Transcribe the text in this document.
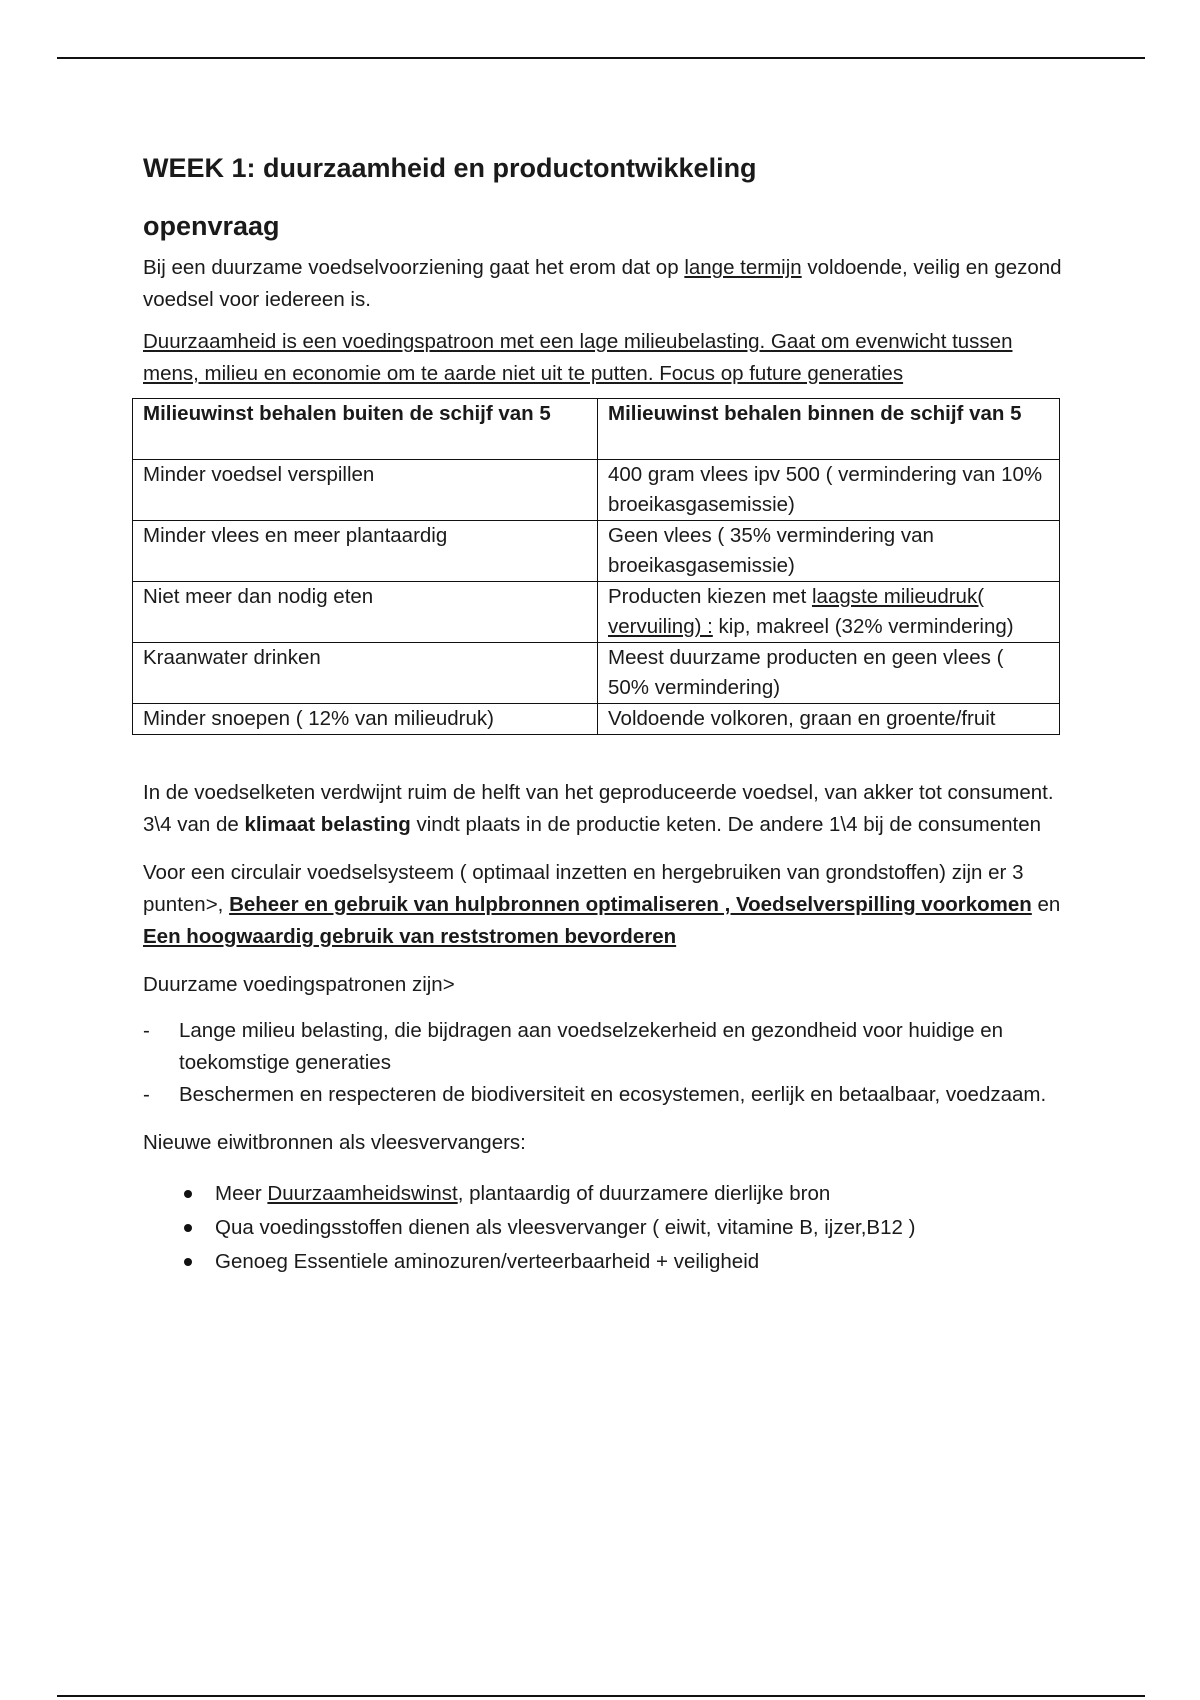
WEEK 1: duurzaamheid en productontwikkeling
openvraag

Bij een duurzame voedselvoorziening gaat het erom dat op lange termijn voldoende, veilig en gezond voedsel voor iedereen is.

Duurzaamheid is een voedingspatroon met een lage milieubelasting. Gaat om evenwicht tussen mens, milieu en economie om te aarde niet uit te putten. Focus op future generaties

Milieuwinst behalen buiten de schijf van 5	Milieuwinst behalen binnen de schijf van 5
Minder voedsel verspillen	400 gram vlees ipv 500 ( vermindering van 10% broeikasgasemissie)
Minder vlees en meer plantaardig	Geen vlees ( 35% vermindering van broeikasgasemissie)
Niet meer dan nodig eten	Producten kiezen met laagste milieudruk( vervuiling) : kip, makreel (32% vermindering)
Kraanwater drinken	Meest duurzame producten en geen vlees ( 50% vermindering)
Minder snoepen ( 12% van milieudruk)	Voldoende volkoren, graan en groente/fruit

In de voedselketen verdwijnt ruim de helft van het geproduceerde voedsel, van akker tot consument. 3\4 van de klimaat belasting vindt plaats in de productie keten. De andere 1\4 bij de consumenten

Voor een circulair voedselsysteem ( optimaal inzetten en hergebruiken van grondstoffen) zijn er 3 punten>, Beheer en gebruik van hulpbronnen optimaliseren , Voedselverspilling voorkomen en Een hoogwaardig gebruik van reststromen bevorderen

Duurzame voedingspatronen zijn>

- Lange milieu belasting, die bijdragen aan voedselzekerheid en gezondheid voor huidige en toekomstige generaties
- Beschermen en respecteren de biodiversiteit en ecosystemen, eerlijk en betaalbaar, voedzaam.

Nieuwe eiwitbronnen als vleesvervangers:

Meer Duurzaamheidswinst, plantaardig of duurzamere dierlijke bron
Qua voedingsstoffen dienen als vleesvervanger ( eiwit, vitamine B, ijzer,B12 )
Genoeg Essentiele aminozuren/verteerbaarheid + veiligheid
